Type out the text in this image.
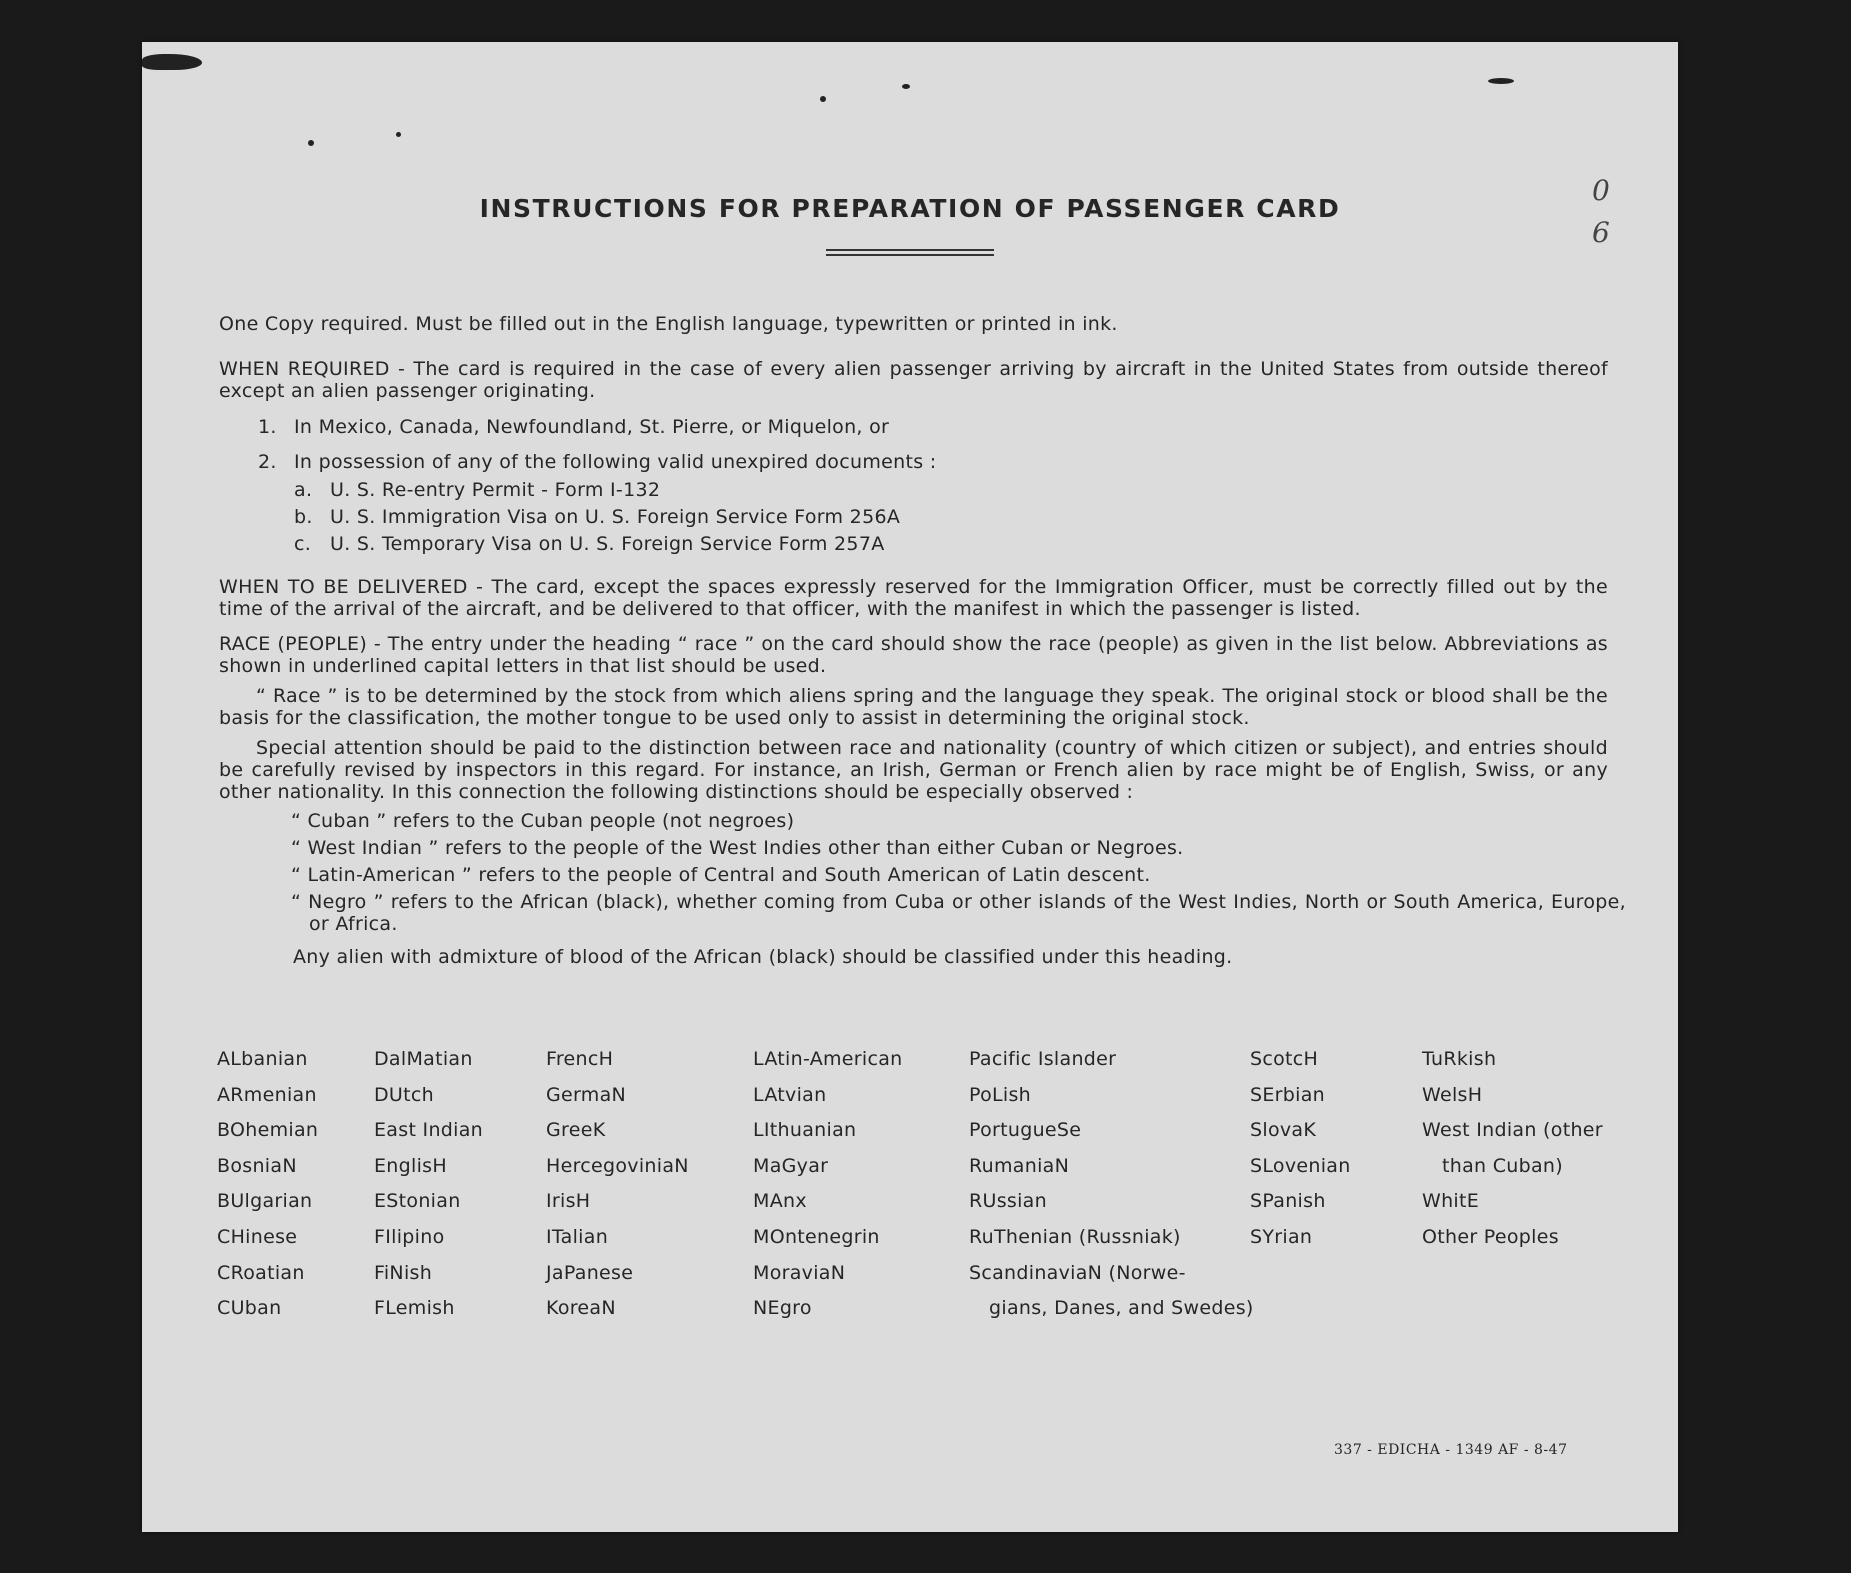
INSTRUCTIONS FOR PREPARATION OF PASSENGER CARD
0
6
One Copy required. Must be filled out in the English language, typewritten or printed in ink.
WHEN REQUIRED - The card is required in the case of every alien passenger arriving by aircraft in the United States from outside thereof except an alien passenger originating.
1. In Mexico, Canada, Newfoundland, St. Pierre, or Miquelon, or
2. In possession of any of the following valid unexpired documents :
a. U. S. Re-entry Permit - Form I-132
b. U. S. Immigration Visa on U. S. Foreign Service Form 256A
c. U. S. Temporary Visa on U. S. Foreign Service Form 257A
WHEN TO BE DELIVERED - The card, except the spaces expressly reserved for the Immigration Officer, must be correctly filled out by the time of the arrival of the aircraft, and be delivered to that officer, with the manifest in which the passenger is listed.
RACE (PEOPLE) - The entry under the heading “ race ” on the card should show the race (people) as given in the list below. Abbreviations as shown in underlined capital letters in that list should be used.
“ Race ” is to be determined by the stock from which aliens spring and the language they speak. The original stock or blood shall be the basis for the classification, the mother tongue to be used only to assist in determining the original stock.
Special attention should be paid to the distinction between race and nationality (country of which citizen or subject), and entries should be carefully revised by inspectors in this regard. For instance, an Irish, German or French alien by race might be of English, Swiss, or any other nationality. In this connection the following distinctions should be especially observed :
“ Cuban ” refers to the Cuban people (not negroes)
“ West Indian ” refers to the people of the West Indies other than either Cuban or Negroes.
“ Latin-American ” refers to the people of Central and South American of Latin descent.
“ Negro ” refers to the African (black), whether coming from Cuba or other islands of the West Indies, North or South America, Europe, or Africa.
Any alien with admixture of blood of the African (black) should be classified under this heading.
ALbanian
ARmenian
BOhemian
BosniaN
BUlgarian
CHinese
CRoatian
CUban
DalMatian
DUtch
East Indian
EnglisH
EStonian
FIlipino
FiNish
FLemish
FrencH
GermaN
GreeK
HercegoviniaN
IrisH
ITalian
JaPanese
KoreaN
LAtin-American
LAtvian
LIthuanian
MaGyar
MAnx
MOntenegrin
MoraviaN
NEgro
Pacific Islander
PoLish
PortugueSe
RumaniaN
RUssian
RuThenian (Russniak)
ScandinaviaN (Norwe-
gians, Danes, and Swedes)
ScotcH
SErbian
SlovaK
SLovenian
SPanish
SYrian
TuRkish
WelsH
West Indian (other
than Cuban)
WhitE
Other Peoples
337 - EDICHA - 1349 AF - 8-47
